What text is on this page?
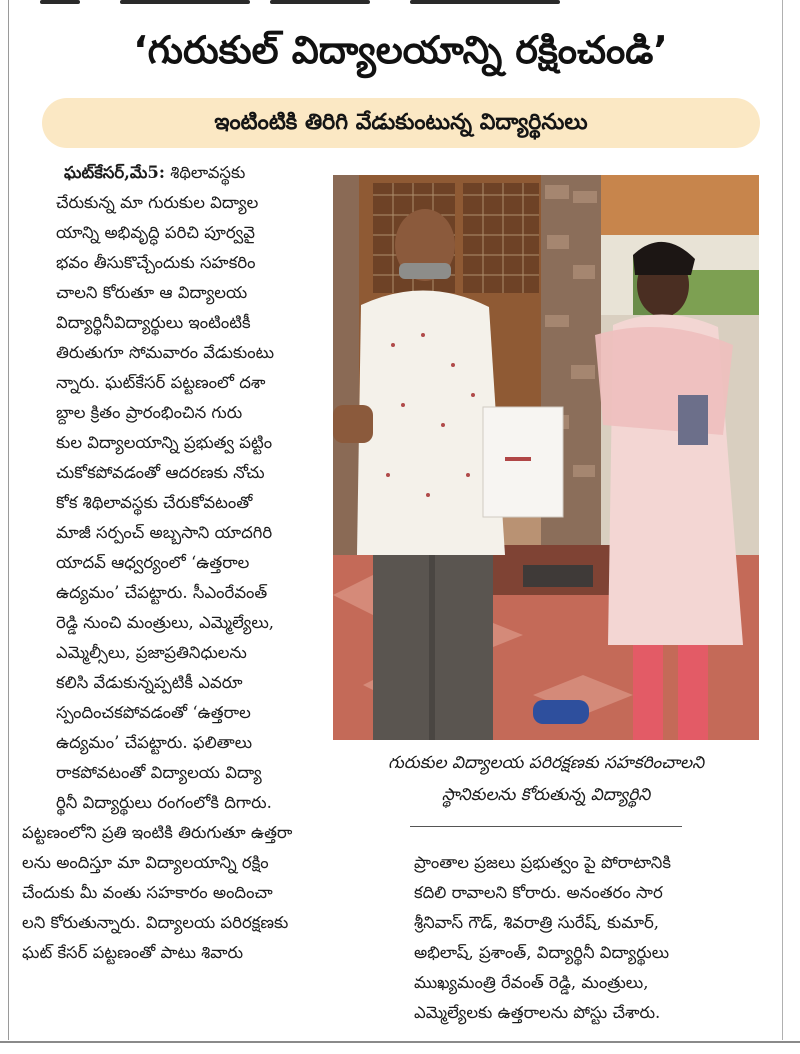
‘గురుకుల్ విద్యాలయాన్ని రక్షించండి’
ఇంటింటికి తిరిగి వేడుకుంటున్న విద్యార్థినులు
ఘట్‌కేసర్,మే5: శిథిలావస్థకు
చేరుకున్న మా గురుకుల విద్యాల
యాన్ని అభివృద్ధి పరిచి పూర్వవై
భవం తీసుకొచ్చేందుకు సహకరిం
చాలని కోరుతూ ఆ విద్యాలయ
విద్యార్థినీవిద్యార్థులు ఇంటింటికీ
తిరుతుగూ సోమవారం వేడుకుంటు
న్నారు. ఘట్‌కేసర్ పట్టణంలో దశా
బ్దాల క్రితం ప్రారంభించిన గురు
కుల విద్యాలయాన్ని ప్రభుత్వ పట్టిం
చుకోకపోవడంతో ఆదరణకు నోచు
కోక శిథిలావస్థకు చేరుకోవటంతో
మాజీ సర్పంచ్ అబ్బసాని యాదగిరి
యాదవ్ ఆధ్వర్యంలో ‘ఉత్తరాల
ఉద్యమం’ చేపట్టారు. సీఎంరేవంత్
రెడ్డి నుంచి మంత్రులు, ఎమ్మెల్యేలు,
ఎమ్మెల్సీలు, ప్రజాప్రతినిధులను
కలిసి వేడుకున్నప్పటికీ ఎవరూ
స్పందించకపోవడంతో ‘ఉత్తరాల
ఉద్యమం’ చేపట్టారు. ఫలితాలు
రాకపోవటంతో విద్యాలయ విద్యా
ర్థినీ విద్యార్థులు రంగంలోకి దిగారు.
పట్టణంలోని ప్రతి ఇంటికి తిరుగుతూ ఉత్తరా
లను అందిస్తూ మా విద్యాలయాన్ని రక్షిం
చేందుకు మీ వంతు సహకారం అందించా
లని కోరుతున్నారు. విద్యాలయ పరిరక్షణకు
ఘట్ కేసర్ పట్టణంతో పాటు శివారు
గురుకుల విద్యాలయ పరిరక్షణకు సహకరించాలని
స్థానికులను కోరుతున్న విద్యార్థిని
ప్రాంతాల ప్రజలు ప్రభుత్వం పై పోరాటానికి
కదిలి రావాలని కోరారు. అనంతరం సార
శ్రీనివాస్ గౌడ్, శివరాత్రి సురేష్, కుమార్,
అభిలాష్, ప్రశాంత్, విద్యార్థినీ విద్యార్థులు
ముఖ్యమంత్రి రేవంత్ రెడ్డి, మంత్రులు,
ఎమ్మెల్యేలకు ఉత్తరాలను పోస్టు చేశారు.
